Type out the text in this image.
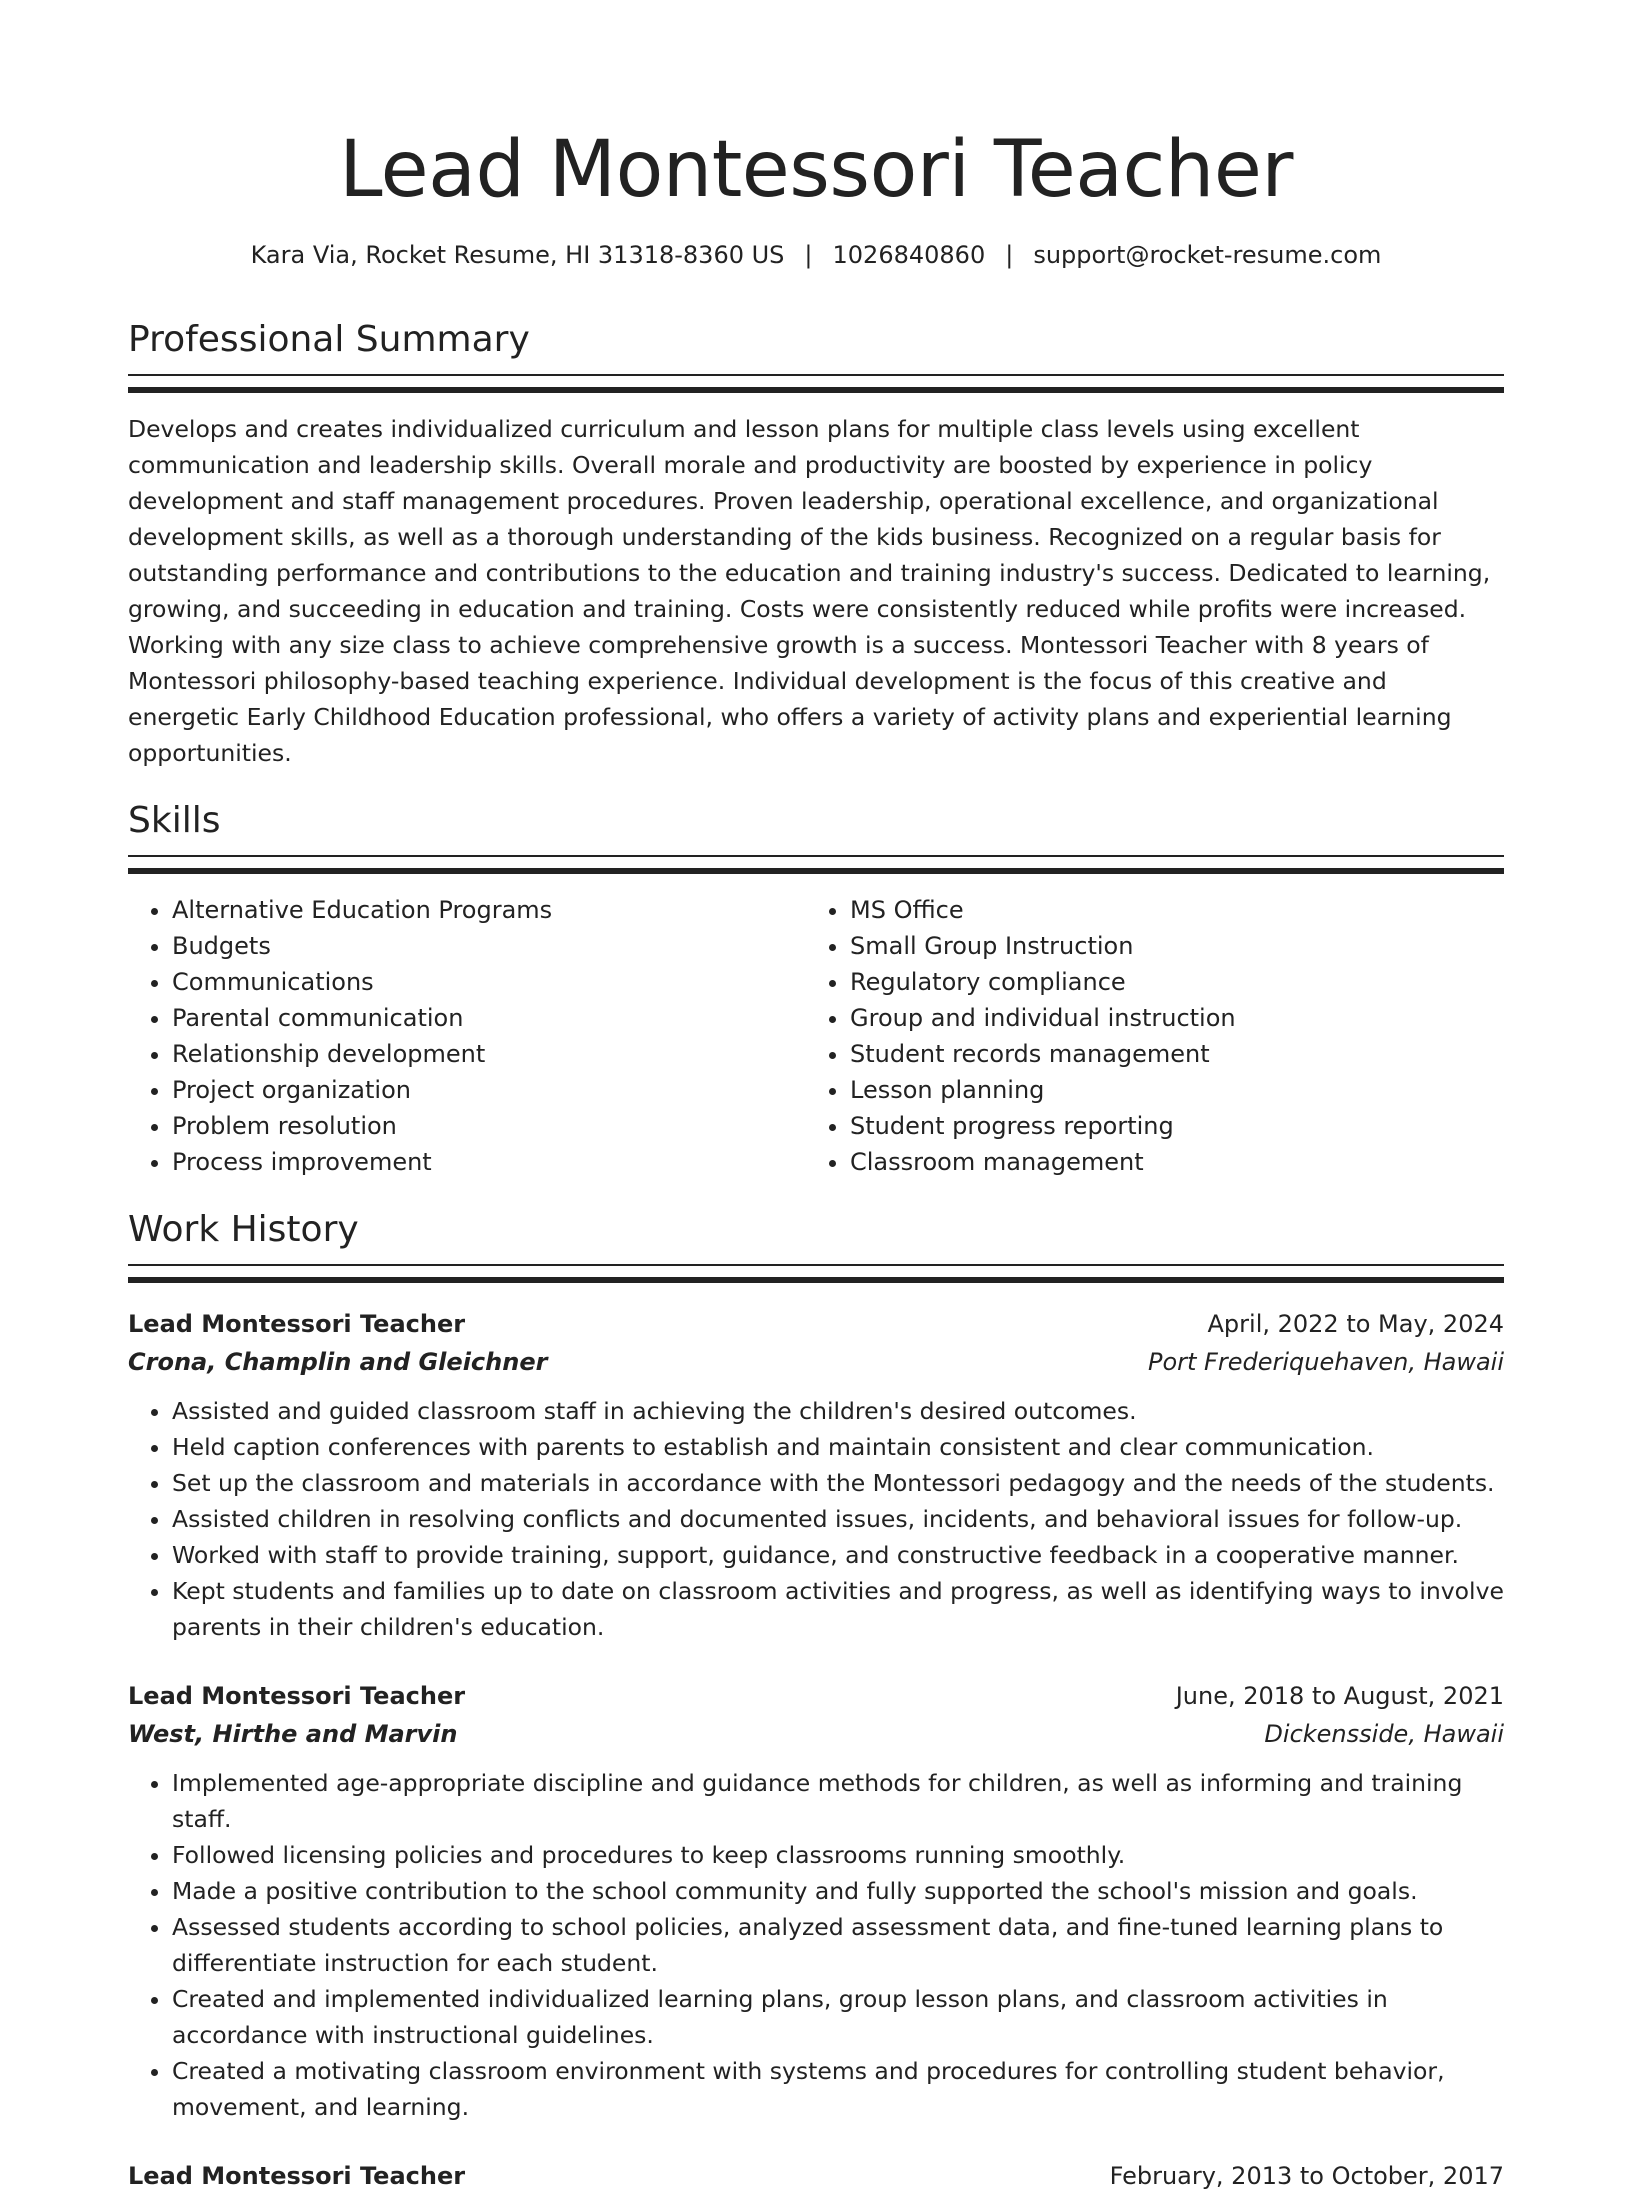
Lead Montessori Teacher
Kara Via, Rocket Resume, HI 31318-8360 US | 1026840860 | support@rocket-resume.com
Professional Summary

Develops and creates individualized curriculum and lesson plans for multiple class levels using excellent communication and leadership skills. Overall morale and productivity are boosted by experience in policy development and staff management procedures. Proven leadership, operational excellence, and organizational development skills, as well as a thorough understanding of the kids business. Recognized on a regular basis for outstanding performance and contributions to the education and training industry's success. Dedicated to learning, growing, and succeeding in education and training. Costs were consistently reduced while profits were increased. Working with any size class to achieve comprehensive growth is a success. Montessori Teacher with 8 years of Montessori philosophy-based teaching experience. Individual development is the focus of this creative and energetic Early Childhood Education professional, who offers a variety of activity plans and experiential learning opportunities.

Skills
• Alternative Education Programs
• Budgets
• Communications
• Parental communication
• Relationship development
• Project organization
• Problem resolution
• Process improvement
• MS Office
• Small Group Instruction
• Regulatory compliance
• Group and individual instruction
• Student records management
• Lesson planning
• Student progress reporting
• Classroom management
Work History
Lead Montessori Teacher	April, 2022 to May, 2024
Crona, Champlin and Gleichner	Port Frederiquehaven, Hawaii
• Assisted and guided classroom staff in achieving the children's desired outcomes.
• Held caption conferences with parents to establish and maintain consistent and clear communication.
• Set up the classroom and materials in accordance with the Montessori pedagogy and the needs of the students.
• Assisted children in resolving conflicts and documented issues, incidents, and behavioral issues for follow-up.
• Worked with staff to provide training, support, guidance, and constructive feedback in a cooperative manner.
• Kept students and families up to date on classroom activities and progress, as well as identifying ways to involve parents in their children's education.
Lead Montessori Teacher	June, 2018 to August, 2021
West, Hirthe and Marvin	Dickensside, Hawaii
• Implemented age-appropriate discipline and guidance methods for children, as well as informing and training staff.
• Followed licensing policies and procedures to keep classrooms running smoothly.
• Made a positive contribution to the school community and fully supported the school's mission and goals.
• Assessed students according to school policies, analyzed assessment data, and fine-tuned learning plans to differentiate instruction for each student.
• Created and implemented individualized learning plans, group lesson plans, and classroom activities in accordance with instructional guidelines.
• Created a motivating classroom environment with systems and procedures for controlling student behavior, movement, and learning.
Lead Montessori Teacher	February, 2013 to October, 2017
